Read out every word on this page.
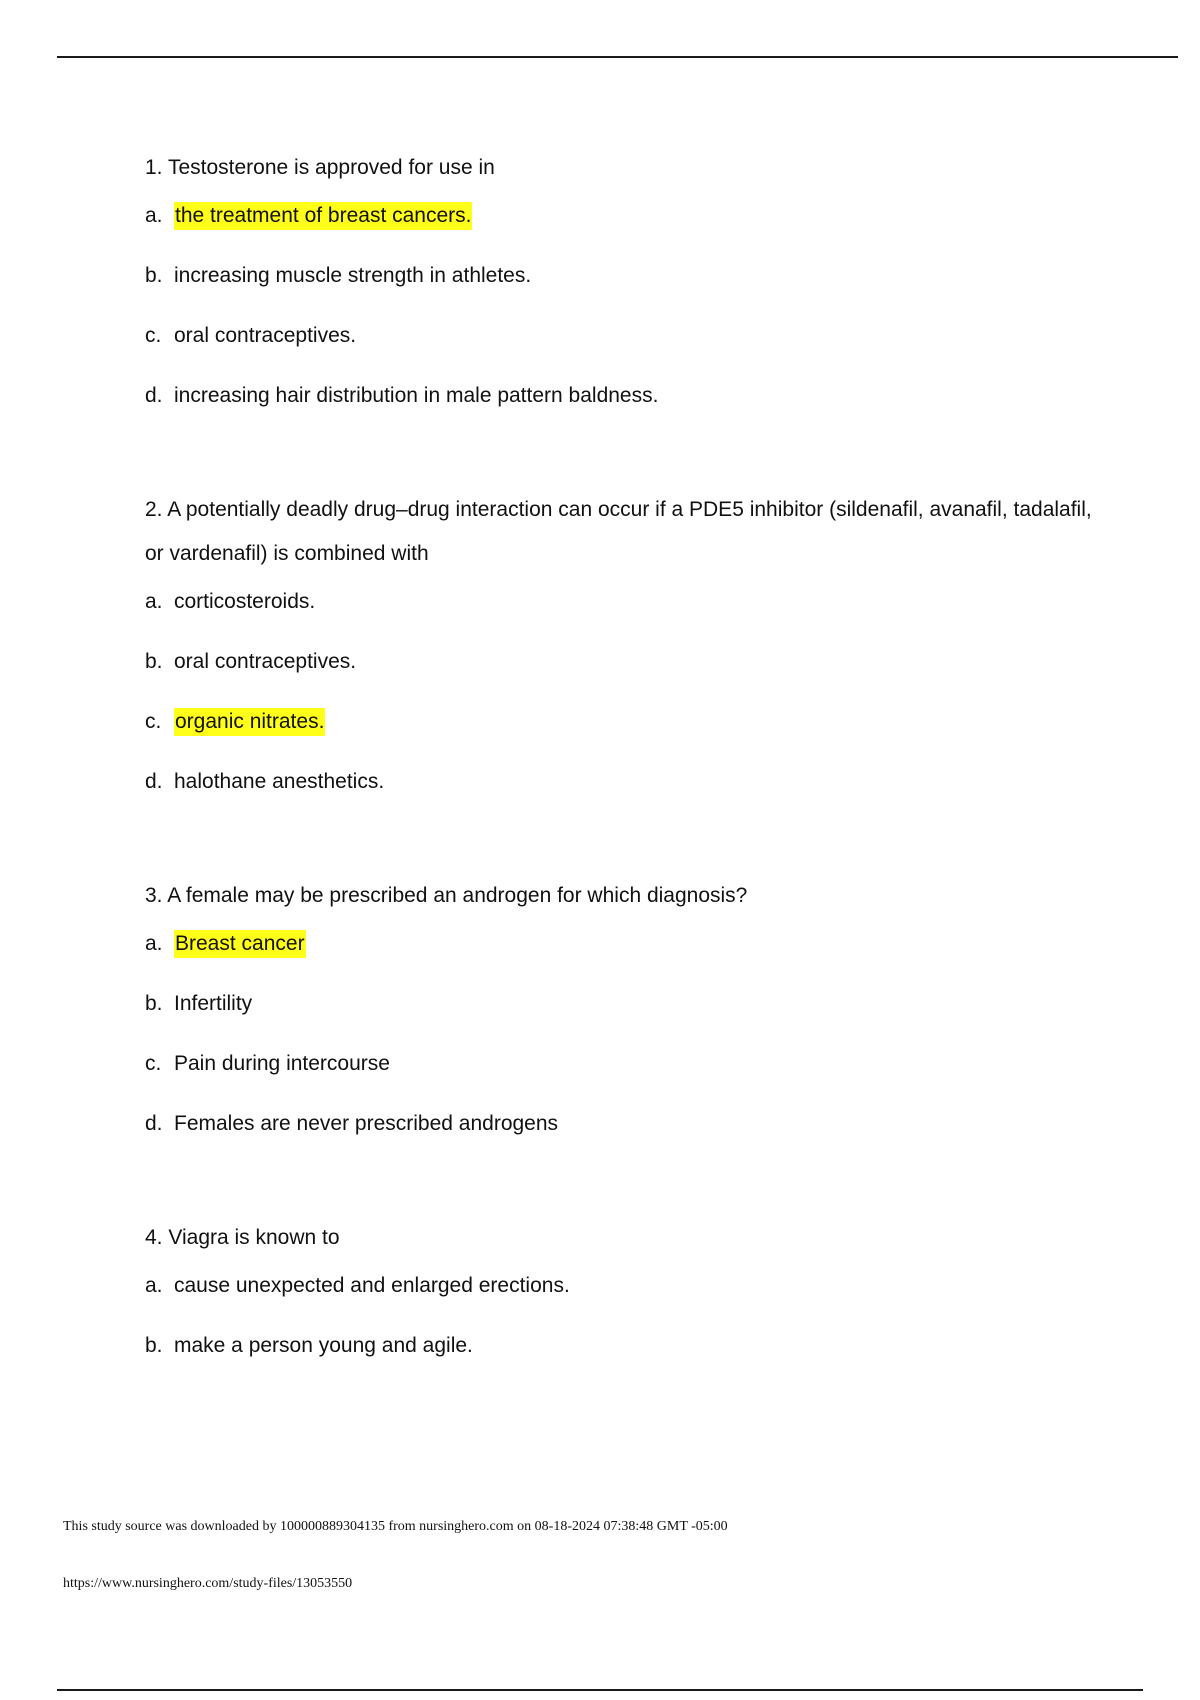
1. Testosterone is approved for use in

a. the treatment of breast cancers.
b. increasing muscle strength in athletes.
c. oral contraceptives.
d. increasing hair distribution in male pattern baldness.

2. A potentially deadly drug–drug interaction can occur if a PDE5 inhibitor (sildenafil, avanafil, tadalafil, or vardenafil) is combined with

a. corticosteroids.
b. oral contraceptives.
c. organic nitrates.
d. halothane anesthetics.

3. A female may be prescribed an androgen for which diagnosis?

a. Breast cancer
b. Infertility
c. Pain during intercourse
d. Females are never prescribed androgens

4. Viagra is known to

a. cause unexpected and enlarged erections.
b. make a person young and agile.
This study source was downloaded by 100000889304135 from nursinghero.com on 08-18-2024 07:38:48 GMT -05:00
https://www.nursinghero.com/study-files/13053550
